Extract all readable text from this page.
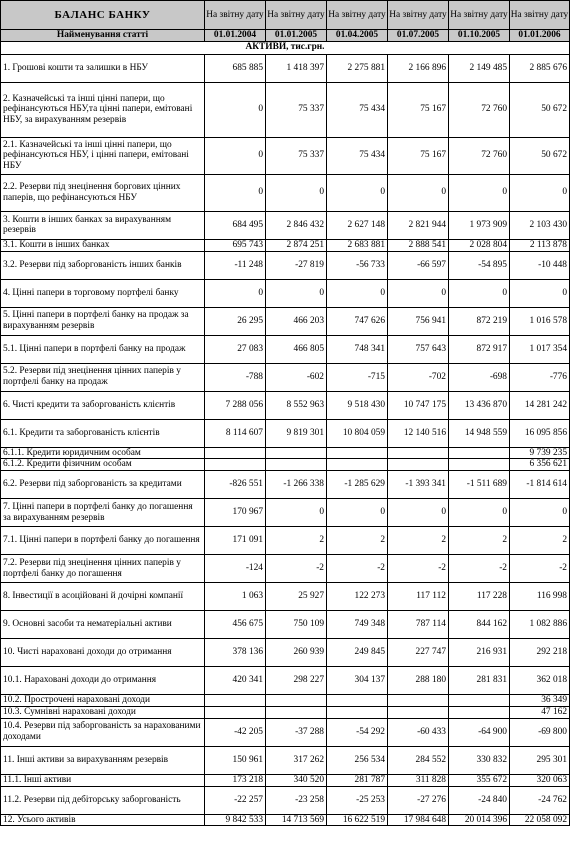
БАЛАНС БАНКУ	На звітну дату	На звітну дату	На звітну дату	На звітну дату	На звітну дату	На звітну дату
Найменування статті	01.01.2004	01.01.2005	01.04.2005	01.07.2005	01.10.2005	01.01.2006
АКТИВИ, тис.грн.						
1. Грошові кошти та залишки в НБУ	685 885	1 418 397	2 275 881	2 166 896	2 149 485	2 885 676
2. Казначейські та інші цінні папери, що рефінансуються НБУ,та цінні папери, емітовані НБУ, за вирахуванням резервів	0	75 337	75 434	75 167	72 760	50 672
2.1. Казначейські та інші цінні папери, що рефінансуються НБУ, і цінні папери, емітовані НБУ	0	75 337	75 434	75 167	72 760	50 672
2.2. Резерви під знецінення боргових цінних паперів, що рефінансуються НБУ	0	0	0	0	0	0
3. Кошти в інших банках за вирахуванням резервів	684 495	2 846 432	2 627 148	2 821 944	1 973 909	2 103 430
3.1. Кошти в інших банках	695 743	2 874 251	2 683 881	2 888 541	2 028 804	2 113 878
3.2. Резерви під заборгованість інших банків	-11 248	-27 819	-56 733	-66 597	-54 895	-10 448
4. Цінні папери в торговому портфелі банку	0	0	0	0	0	0
5. Цінні папери в портфелі банку на продаж за вирахуванням резервів	26 295	466 203	747 626	756 941	872 219	1 016 578
5.1. Цінні папери в портфелі банку на продаж	27 083	466 805	748 341	757 643	872 917	1 017 354
5.2. Резерви під знецінення цінних паперів у портфелі банку на продаж	-788	-602	-715	-702	-698	-776
6. Чисті кредити та заборгованість клієнтів	7 288 056	8 552 963	9 518 430	10 747 175	13 436 870	14 281 242
6.1. Кредити та заборгованість клієнтів	8 114 607	9 819 301	10 804 059	12 140 516	14 948 559	16 095 856
6.1.1. Кредити юридичним особам						9 739 235
6.1.2. Кредити фізичним особам						6 356 621
6.2. Резерви під заборгованість за кредитами	-826 551	-1 266 338	-1 285 629	-1 393 341	-1 511 689	-1 814 614
7. Цінні папери в портфелі банку до погашення за вирахуванням резервів	170 967	0	0	0	0	0
7.1. Цінні папери в портфелі банку до погашення	171 091	2	2	2	2	2
7.2. Резерви під знецінення цінних паперів у портфелі банку до погашення	-124	-2	-2	-2	-2	-2
8. Інвестиції в асоційовані й дочірні компанії	1 063	25 927	122 273	117 112	117 228	116 998
9. Основні засоби та нематеріальні активи	456 675	750 109	749 348	787 114	844 162	1 082 886
10. Чисті нараховані доходи до отримання	378 136	260 939	249 845	227 747	216 931	292 218
10.1. Нараховані доходи до отримання	420 341	298 227	304 137	288 180	281 831	362 018
10.2. Прострочені нараховані доходи						36 349
10.3. Сумнівні нараховані доходи						47 162
10.4. Резерви під заборгованість за нарахованими доходами	-42 205	-37 288	-54 292	-60 433	-64 900	-69 800
11. Інші активи за вирахуванням резервів	150 961	317 262	256 534	284 552	330 832	295 301
11.1. Інші активи	173 218	340 520	281 787	311 828	355 672	320 063
11.2. Резерви під дебіторську заборгованість	-22 257	-23 258	-25 253	-27 276	-24 840	-24 762
12. Усього активів	9 842 533	14 713 569	16 622 519	17 984 648	20 014 396	22 058 092
